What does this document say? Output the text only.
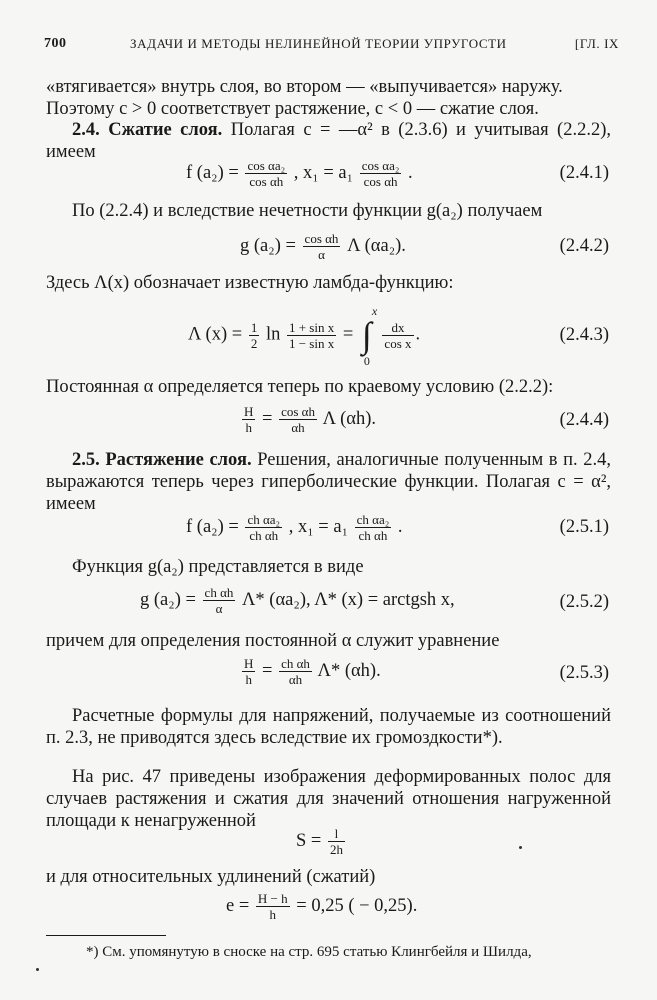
700	ЗАДАЧИ И МЕТОДЫ НЕЛИНЕЙНОЙ ТЕОРИИ УПРУГОСТИ	[ГЛ. IX
«втягивается» внутрь слоя, во втором — «выпучивается» наружу.
Поэтому c > 0 соответствует растяжение, c < 0 — сжатие слоя.
2.4. Сжатие слоя. Полагая c = —α² в (2.3.6) и учитывая (2.2.2), имеем
f $(a_2) = \frac{\text{cos αa₂}}{\text{cos αh}}$ , $x_1 = a_1 \frac{\text{cos αa₂}}{\text{cos αh}}$ .	(2.4.1)
По (2.2.4) и вследствие нечетности функции g(a₂) получаем
g $(a_2) = \frac{\text{cos αh}}{\alpha}$ Λ (αa₂).	(2.4.2)
Здесь Λ(x) обозначает известную ламбда-функцию:
Λ $(x) = \frac{1}{2}$ $\ln \frac{\text{1 + sin x}}{\text{1 − sin x}}$ = ∫
x
0

$\frac{dx}{\text{cos x}}$ .	(2.4.3)
Постоянная α определяется теперь по краевому условию (2.2.2):
$\frac{H}{h} = \frac{\text{cos αh}}{\alpha h}$ Λ (αh).	(2.4.4)
2.5. Растяжение слоя. Решения, аналогичные полученным в п. 2.4, выражаются теперь через гиперболические функции. Полагая c = α², имеем
f $(a_2) = \frac{\text{ch αa₂}}{\text{ch αh}}$ , $x_1 = a_1 \frac{\text{ch αa₂}}{\text{ch αh}}$ .	(2.5.1)
Функция g(a₂) представляется в виде
g $(a_2) = \frac{\text{ch αh}}{\alpha} \Lambda*$ (αa₂), Λ* (x) = arctgsh x,	(2.5.2)
причем для определения постоянной α служит уравнение
$\frac{H}{h} = \frac{\text{ch αh}}{\alpha h} \Lambda*$ (αh).	(2.5.3)
Расчетные формулы для напряжений, получаемые из соотношений п. 2.3, не приводятся здесь вследствие их громоздкости*).
На рис. 47 приведены изображения деформированных полос для случаев растяжения и сжатия для значений отношения нагруженной площади к ненагруженной
$S = \frac{l}{2h}$
и для относительных удлинений (сжатий)
$e = \frac{H - h}{h} = 0,25$ ( − 0,25).
*) См. упомянутую в сноске на стр. 695 статью Клингбейля и Шилда,
